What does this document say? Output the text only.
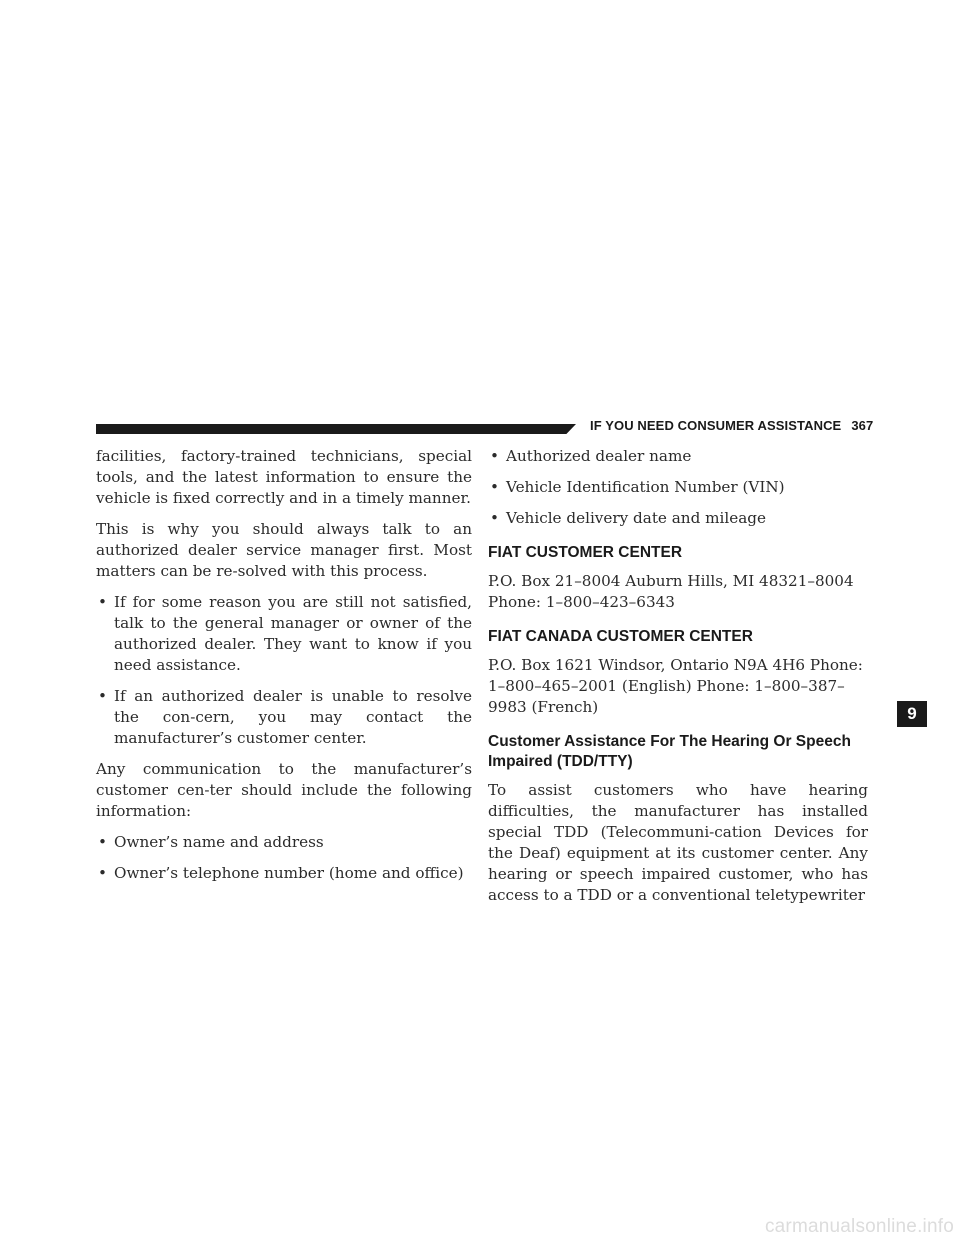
IF YOU NEED CONSUMER ASSISTANCE 367

facilities, factory-trained technicians, special tools, and the latest information to ensure the vehicle is fixed correctly and in a timely manner.

This is why you should always talk to an authorized dealer service manager first. Most matters can be re-solved with this process.

• If for some reason you are still not satisfied, talk to the general manager or owner of the authorized dealer. They want to know if you need assistance.
• If an authorized dealer is unable to resolve the con-cern, you may contact the manufacturer’s customer center.

Any communication to the manufacturer’s customer cen-ter should include the following information:

• Owner’s name and address
• Owner’s telephone number (home and office)
• Authorized dealer name
• Vehicle Identification Number (VIN)
• Vehicle delivery date and mileage
FIAT CUSTOMER CENTER

P.O. Box 21–8004 Auburn Hills, MI 48321–8004 Phone: 1–800–423–6343

FIAT CANADA CUSTOMER CENTER

P.O. Box 1621 Windsor, Ontario N9A 4H6 Phone: 1–800–465–2001 (English) Phone: 1–800–387–9983 (French)

Customer Assistance For The Hearing Or Speech Impaired (TDD/TTY)

To assist customers who have hearing difficulties, the manufacturer has installed special TDD (Telecommuni-cation Devices for the Deaf) equipment at its customer center. Any hearing or speech impaired customer, who has access to a TDD or a conventional teletypewriter

9
carmanualsonline.info
